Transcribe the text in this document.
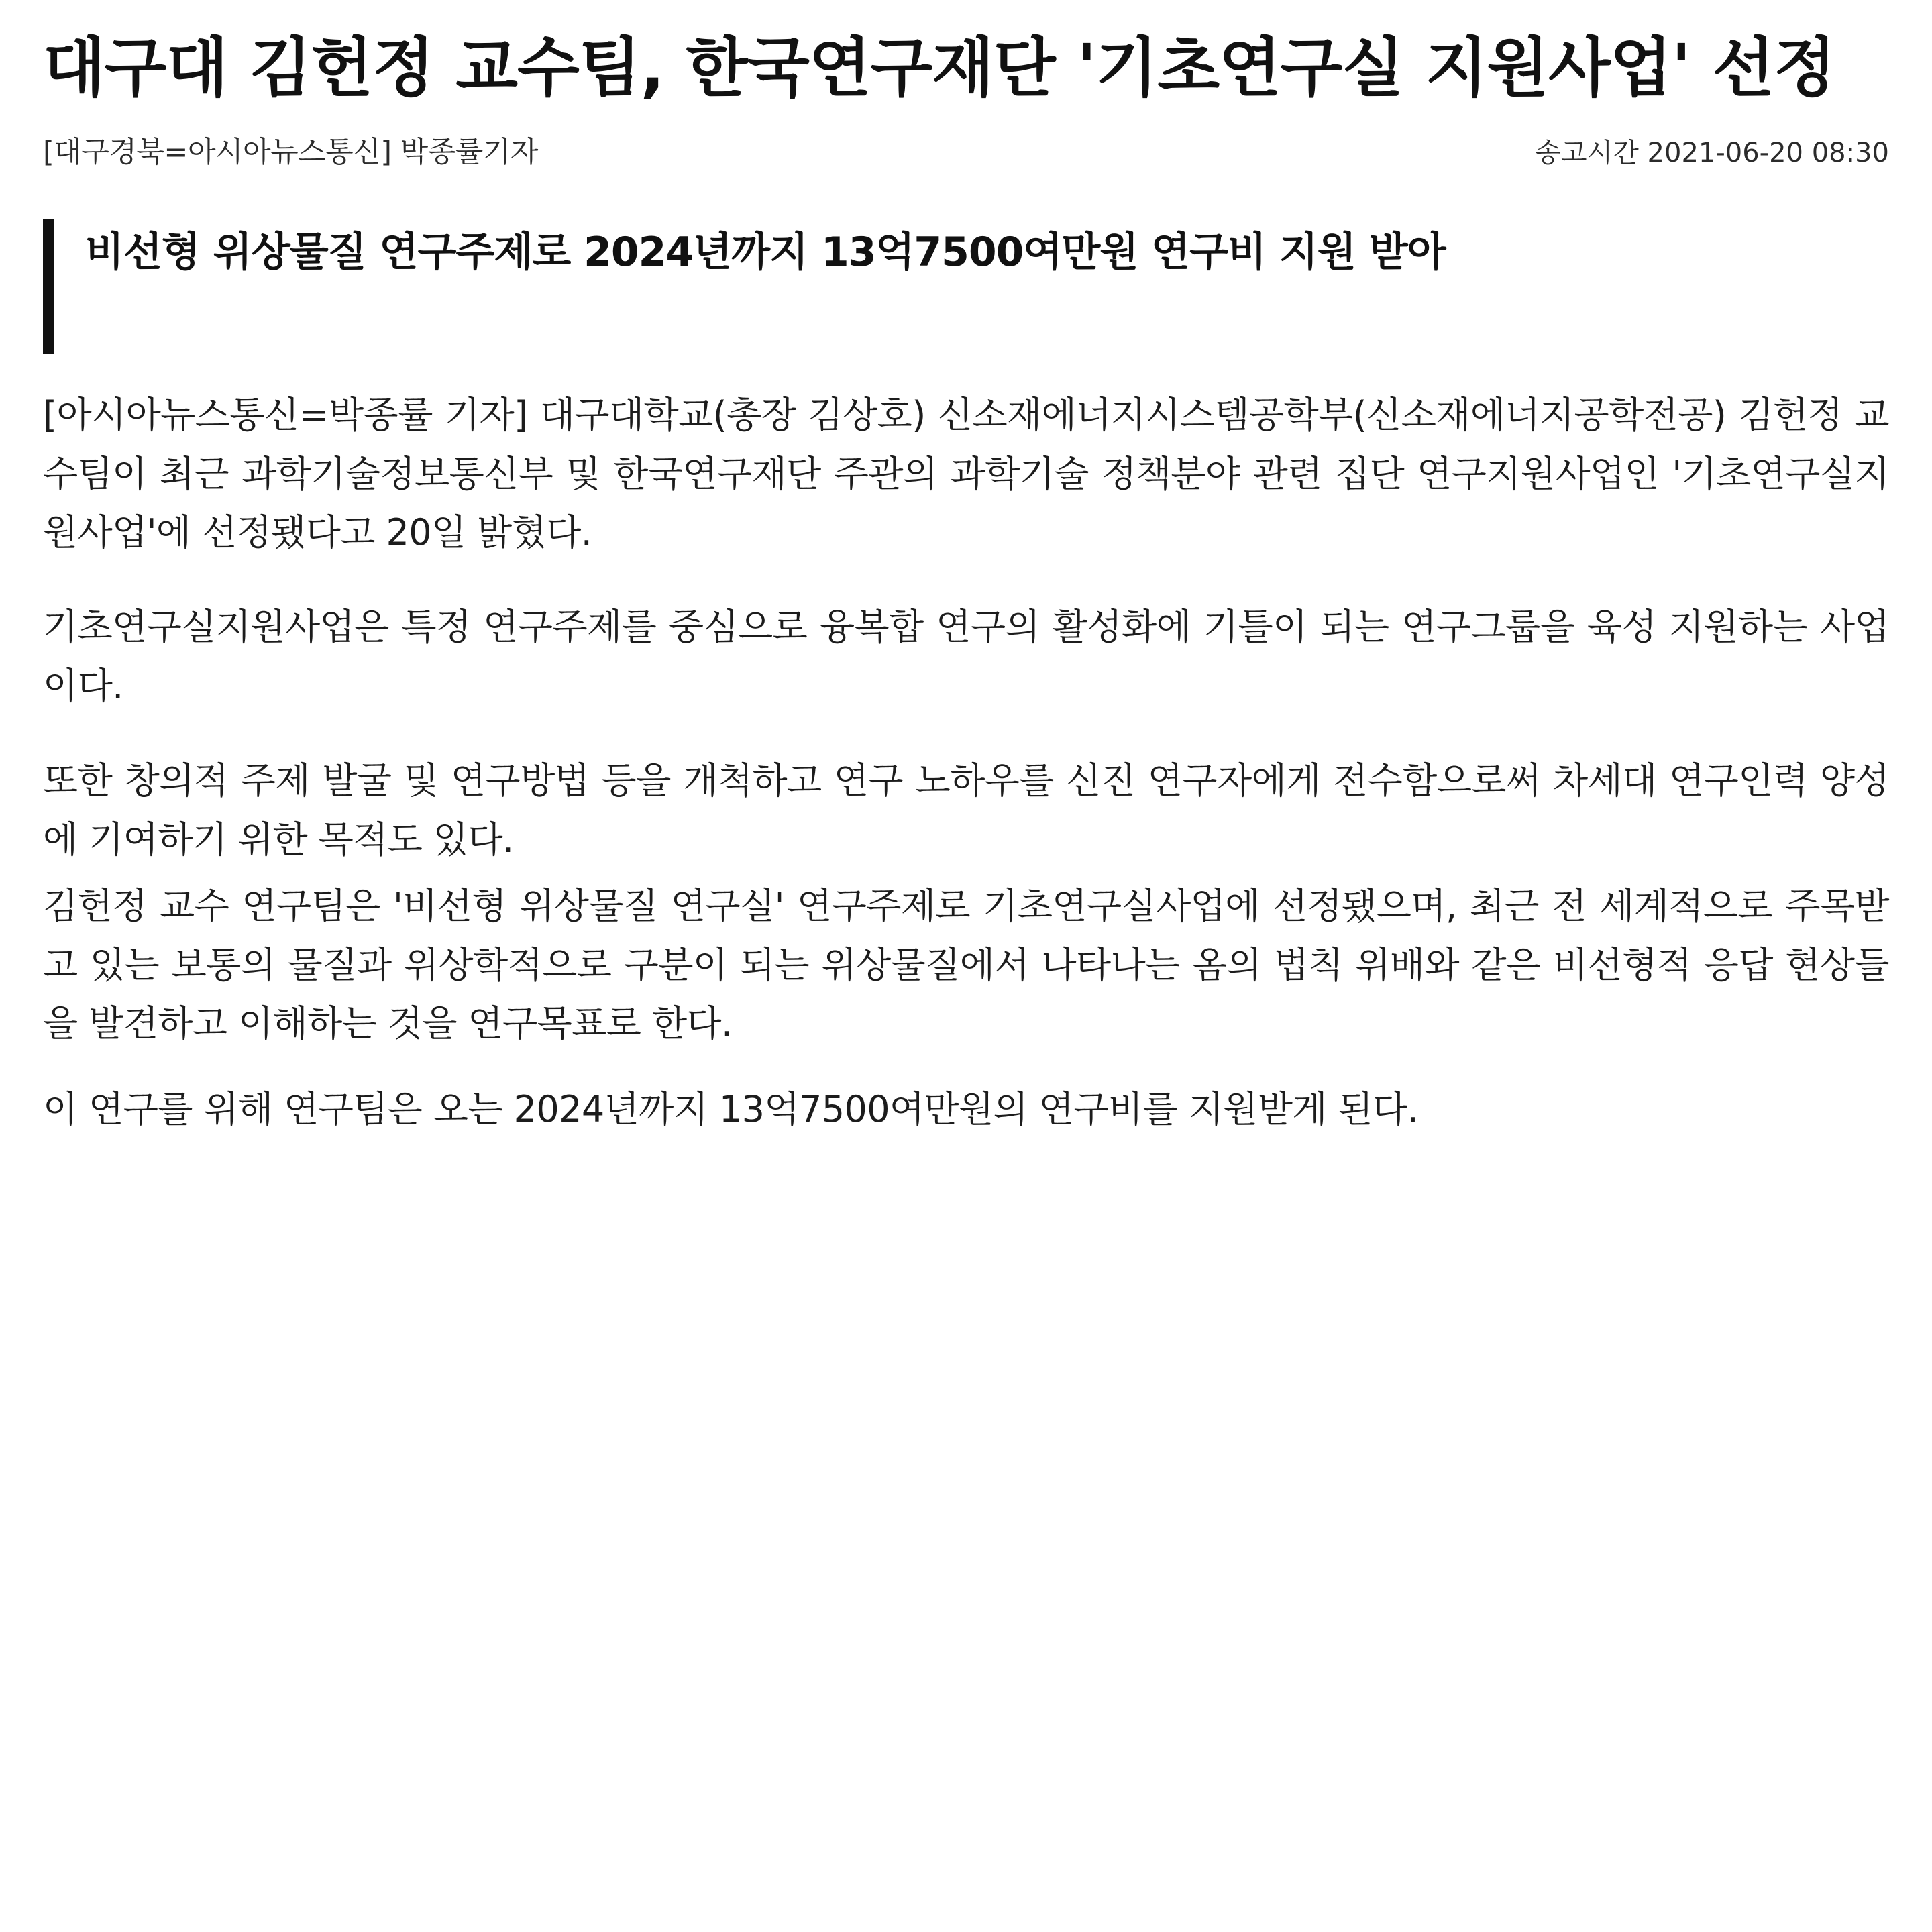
대구대 김헌정 교수팀, 한국연구재단 '기초연구실 지원사업' 선정
[대구경북=아시아뉴스통신] 박종률기자	송고시간 2021-06-20 08:30
비선형 위상물질 연구주제로 2024년까지 13억7500여만원 연구비 지원 받아

[아시아뉴스통신=박종률 기자] 대구대학교(총장 김상호) 신소재에너지시스템공학부(신소재에너지공학전공) 김헌정 교수팀이 최근 과학기술정보통신부 및 한국연구재단 주관의 과학기술 정책분야 관련 집단 연구지원사업인 '기초연구실지원사업'에 선정됐다고 20일 밝혔다.

기초연구실지원사업은 특정 연구주제를 중심으로 융복합 연구의 활성화에 기틀이 되는 연구그룹을 육성 지원하는 사업이다.

또한 창의적 주제 발굴 및 연구방법 등을 개척하고 연구 노하우를 신진 연구자에게 전수함으로써 차세대 연구인력 양성에 기여하기 위한 목적도 있다.

김헌정 교수 연구팀은 '비선형 위상물질 연구실' 연구주제로 기초연구실사업에 선정됐으며, 최근 전 세계적으로 주목받고 있는 보통의 물질과 위상학적으로 구분이 되는 위상물질에서 나타나는 옴의 법칙 위배와 같은 비선형적 응답 현상들을 발견하고 이해하는 것을 연구목표로 한다.

이 연구를 위해 연구팀은 오는 2024년까지 13억7500여만원의 연구비를 지원받게 된다.
